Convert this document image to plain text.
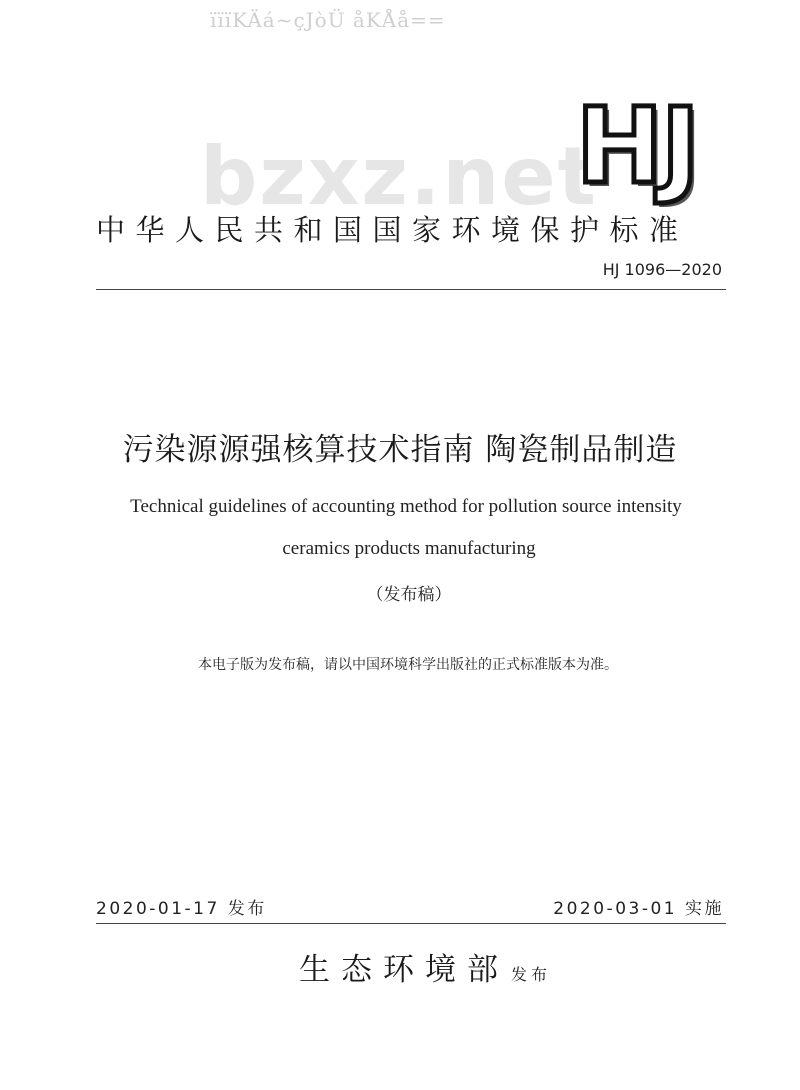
ïïïKÄá~çJòÜ åKÅå==
bzxz.net
HJ
中华人民共和国国家环境保护标准
HJ 1096—2020
污染源源强核算技术指南 陶瓷制品制造
Technical guidelines of accounting method for pollution source intensity
ceramics products manufacturing
（发布稿）
本电子版为发布稿，请以中国环境科学出版社的正式标准版本为准。
2020-01-17 发布	2020-03-01 实施
生态环境部 发布
